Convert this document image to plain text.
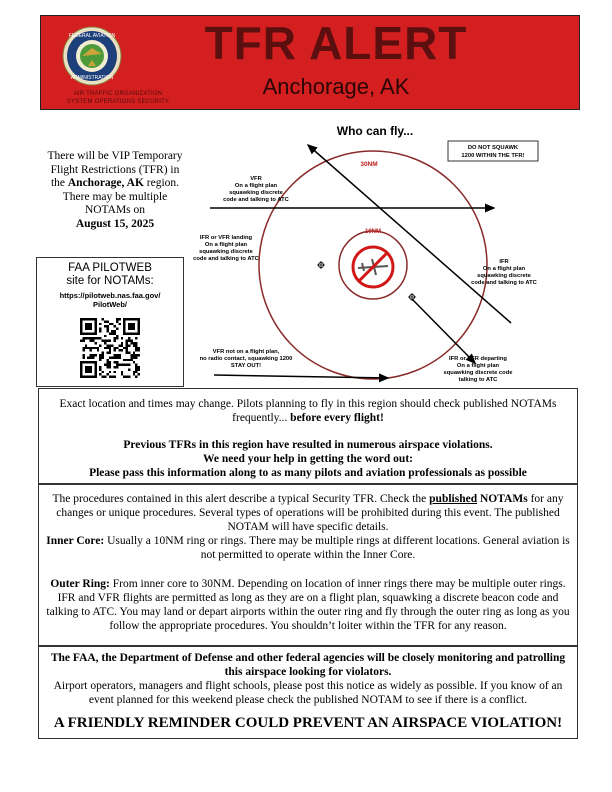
FEDERAL AVIATION
ADMINISTRATION
AIR TRAFFIC ORGANIZATION
SYSTEM OPERATIONS SECURITY
TFR ALERT
Anchorage, AK
Who can fly...
There will be VIP Temporary
Flight Restrictions (TFR) in
the Anchorage, AK region.
There may be multiple
NOTAMs on
August 15, 2025
FAA PILOTWEB
site for NOTAMs:
https://pilotweb.nas.faa.gov/
PilotWeb/
30NM
10NM
DO NOT SQUAWK
1200 WITHIN THE TFR!
VFR
On a flight plan
squawking discrete
code and talking to ATC
IFR or VFR landing
On a flight plan
squawking discrete
code and talking to ATC	IFR
On a flight plan
squawking discrete
code and talking to ATC
VFR not on a flight plan,
no radio contact, squawking 1200
STAY OUT!
IFR or VFR departing
On a flight plan
squawking discrete code
talking to ATC
Exact location and times may change. Pilots planning to fly in this region should check published NOTAMs frequently... before every flight!
Previous TFRs in this region have resulted in numerous airspace violations.
We need your help in getting the word out:
Please pass this information along to as many pilots and aviation professionals as possible
The procedures contained in this alert describe a typical Security TFR. Check the published NOTAMs for any changes or unique procedures. Several types of operations will be prohibited during this event. The published NOTAM will have specific details.
Inner Core: Usually a 10NM ring or rings. There may be multiple rings at different locations. General aviation is not permitted to operate within the Inner Core.
Outer Ring: From inner core to 30NM. Depending on location of inner rings there may be multiple outer rings. IFR and VFR flights are permitted as long as they are on a flight plan, squawking a discrete beacon code and talking to ATC. You may land or depart airports within the outer ring and fly through the outer ring as long as you follow the appropriate procedures. You shouldn’t loiter within the TFR for any reason.
The FAA, the Department of Defense and other federal agencies will be closely monitoring and patrolling this airspace looking for violators.
Airport operators, managers and flight schools, please post this notice as widely as possible. If you know of an event planned for this weekend please check the published NOTAM to see if there is a conflict.
A FRIENDLY REMINDER COULD PREVENT AN AIRSPACE VIOLATION!
